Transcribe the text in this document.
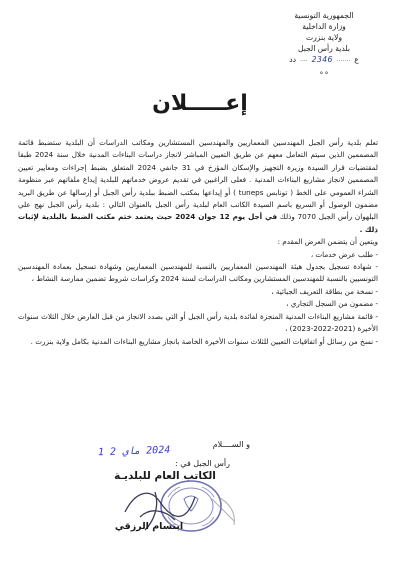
الجمهورية التونسية
وزارة الداخلية
ولاية بنزرت
بلدية رأس الجبل
ع
.......
2346
....
دد
ه ه
إعـــــلان

تعلم بلدية رأس الجبل المهندسين المعماريين والمهندسين المستشارين ومكاتب الدراسات أن البلدية ستضبط قائمة المصممين الذين سيتم التعامل معهم عن طريق التعيين المباشر لانجاز دراسات البناءات المدنية خلال سنة 2024 طبقا لمقتضيات قرار السيدة وزيرة التجهيز والإسكان المؤرخ في 31 جانفي 2024 المتعلق بضبط إجراءات ومعايير تعيين المصممين لانجاز مشاريع البناءات المدنية . فعلى الراغبين في تقديم عروض خدماتهم للبلدية إيداع ملفاتهم عبر منظومة الشراء العمومي على الخط ( تونابس tuneps ) أو إيداعها بمكتب الضبط ببلدية رأس الجبل أو إرسالها عن طريق البريد مضمون الوصول أو السريع باسم السيدة الكاتب العام لبلدية رأس الجبل بالعنوان التالي : بلدية رأس الجبل نهج علي البلهوان رأس الجبل 7070 وذلك في أجل يوم 12 جوان 2024 حيث يعتمد ختم مكتب الضبط بالبلدية لإثبات ذلك .

ويتعين أن يتضمن العرض المقدم :

- طلب عرض خدمات ،
- شهادة تسجيل بجدول هيئة المهندسين المعماريين بالنسبة للمهندسين المعماريين وشهادة تسجيل بعمادة المهندسين التونسيين بالنسبة للمهندسين المستشارين ومكاتب الدراسات لسنة 2024 وكراسات شروط تضمين ممارسة النشاط ،
- نسخة من بطاقة التعريف الجبائية ،
- مضمون من السجل التجاري ،
- قائمة مشاريع البناءات المدنية المنجزة لفائدة بلدية رأس الجبل أو التي بصدد الانجاز من قبل العارض خلال الثلاث سنوات الأخيرة (2021-2022-2023) ،
- نسخ من رسائل أو اتفاقيات التعيين للثلاث سنوات الأخيرة الخاصة بانجاز مشاريع البناءات المدنية بكامل ولاية بنزرت .
و الســــلام
رأس الجبل في :
2024 ماي 2 1
الكاتب العام للبلديـة
ابتسام الرزقي
